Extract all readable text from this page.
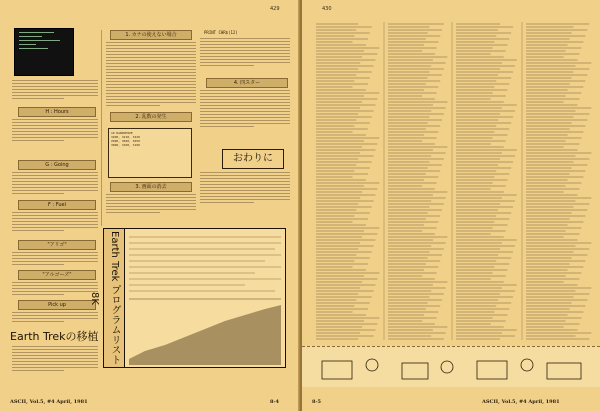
429
H : Hours
G : Going
F : Fuel
"アリゴ"
"アルゴーズ"
Pick up
Earth Trekの移植
1. カナの使えない場合
2. 乱数の発生
10 RANDOMIZE
3200, 3210, 3220
2990, 3040, 3050
3090, 3100, 3190
3. 画面の消去
PRINT CHR$(12)
4. 四スター
おわりに
Earth Trek プログラムリスト 8K
ASCII, Vol.5, #4 April, 1981	8-4
430
8-5	ASCII, Vol.5, #4 April, 1981
